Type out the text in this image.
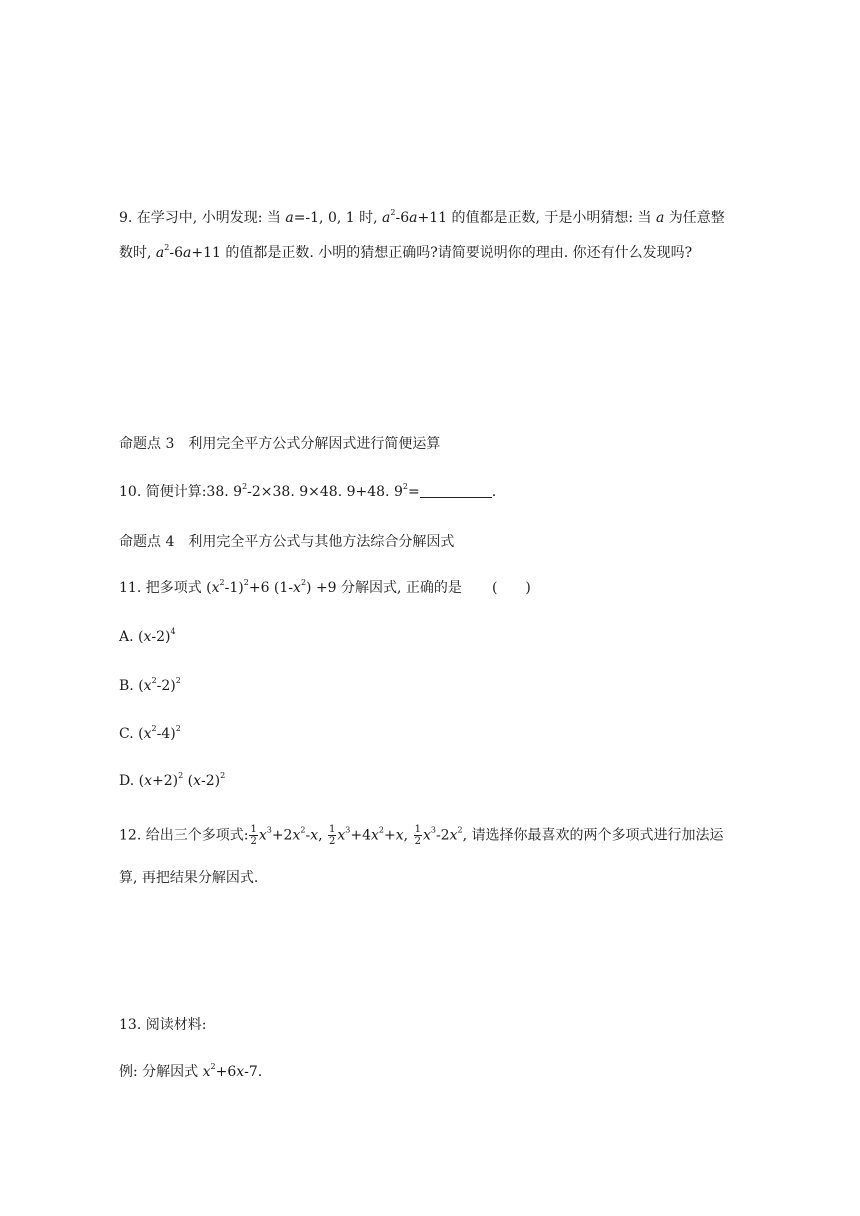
9. 在学习中, 小明发现: 当 a=-1, 0, 1 时, $a^2-6a+11$ 的值都是正数, 于是小明猜想: 当 a 为任意整
数时, $a^2-6a+11$ 的值都是正数. 小明的猜想正确吗?请简要说明你的理由. 你还有什么发现吗?
命题点 3　利用完全平方公式分解因式进行简便运算
10. 简便计算:38. $9^2-2\times 38$. 9×48. 9+48. $9^2=$	.
命题点 4　利用完全平方公式与其他方法综合分解因式
11. 把多项式 $(x^2-1)^2+6$ $(1-x^2) +9$ 分解因式, 正确的是 (　　)
A. $(x-2)^4$
B. $(x^2-2)^2$
C. $(x^2-4)^2$
D. $(x+2)^2$ $(x-2)^2$
12. 给出三个多项式: $\frac{1}{2} x^3+2x^2-x$, $\frac{1}{2} x^3+4x^2+x$, $\frac{1}{2} x^3-2x^2$, 请选择你最喜欢的两个多项式进行加法运
算, 再把结果分解因式.
13. 阅读材料:
例: 分解因式 $x^2+6x-7$.
